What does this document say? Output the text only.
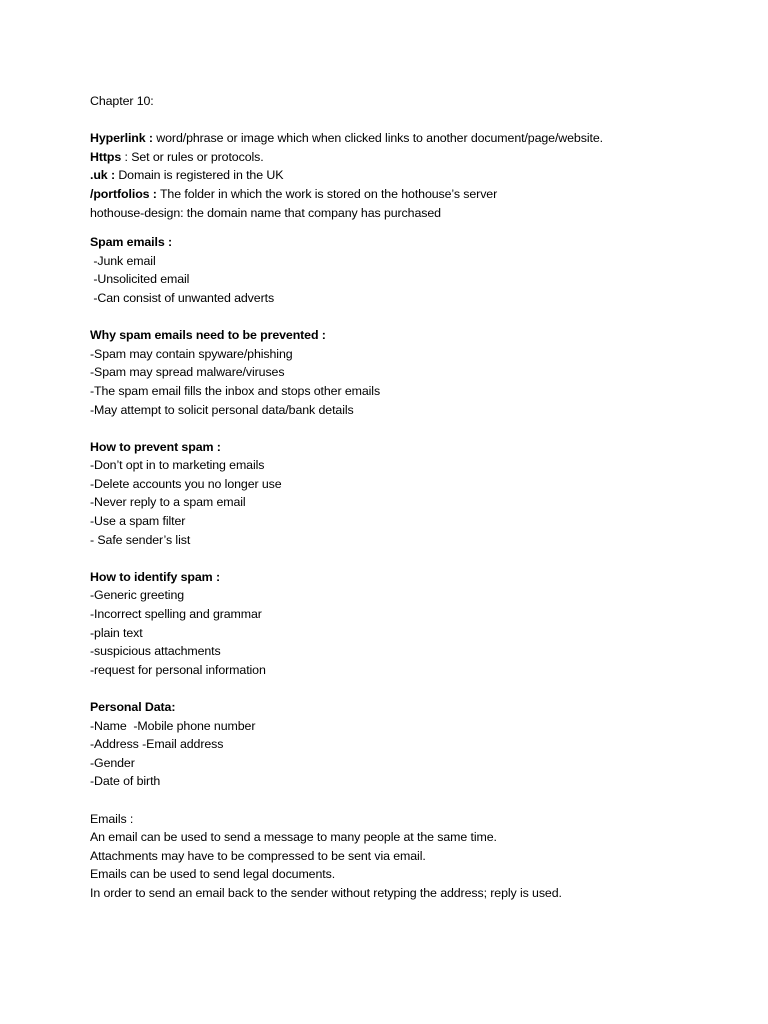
Chapter 10:
Hyperlink : word/phrase or image which when clicked links to another document/page/website.
Https : Set or rules or protocols.
.uk : Domain is registered in the UK
/portfolios : The folder in which the work is stored on the hothouse’s server
hothouse-design: the domain name that company has purchased
Spam emails :
-Junk email
-Unsolicited email
-Can consist of unwanted adverts
Why spam emails need to be prevented :
-Spam may contain spyware/phishing
-Spam may spread malware/viruses
-The spam email fills the inbox and stops other emails
-May attempt to solicit personal data/bank details
How to prevent spam :
-Don’t opt in to marketing emails
-Delete accounts you no longer use
-Never reply to a spam email
-Use a spam filter
- Safe sender’s list
How to identify spam :
-Generic greeting
-Incorrect spelling and grammar
-plain text
-suspicious attachments
-request for personal information
Personal Data:
-Name  -Mobile phone number
-Address -Email address
-Gender
-Date of birth
Emails :
An email can be used to send a message to many people at the same time.
Attachments may have to be compressed to be sent via email.
Emails can be used to send legal documents.
In order to send an email back to the sender without retyping the address; reply is used.
